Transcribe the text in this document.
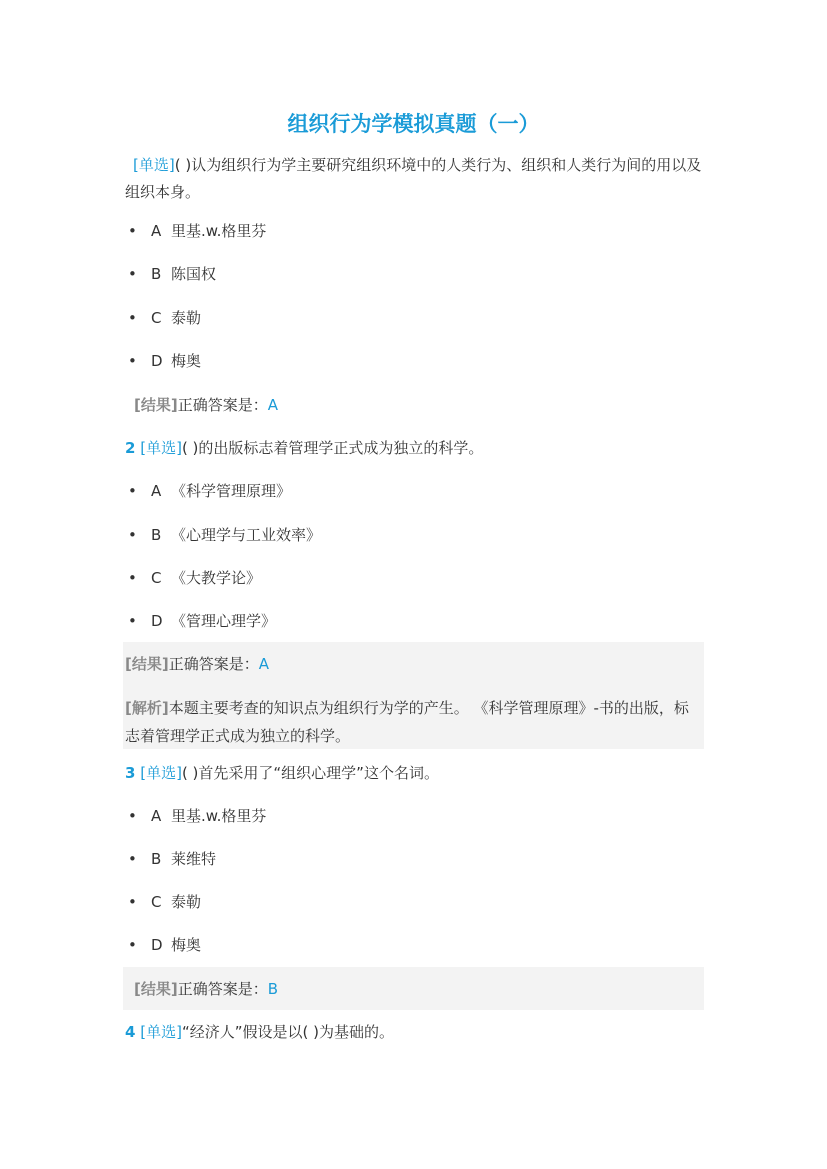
组织行为学模拟真题（一）
[单选]( )认为组织行为学主要研究组织环境中的人类行为、组织和人类行为间的用以及组织本身。
• A 里基.w.格里芬
• B 陈国权
• C 泰勒
• D 梅奥
[结果]正确答案是：A
2 [单选]( )的出版标志着管理学正式成为独立的科学。
• A 《科学管理原理》
• B 《心理学与工业效率》
• C 《大教学论》
• D 《管理心理学》
[结果]正确答案是：A
[解析]本题主要考查的知识点为组织行为学的产生。 《科学管理原理》-书的出版，标志着管理学正式成为独立的科学。
3 [单选]( )首先采用了“组织心理学”这个名词。
• A 里基.w.格里芬
• B 莱维特
• C 泰勒
• D 梅奥
[结果]正确答案是：B
4 [单选]“经济人”假设是以( )为基础的。
